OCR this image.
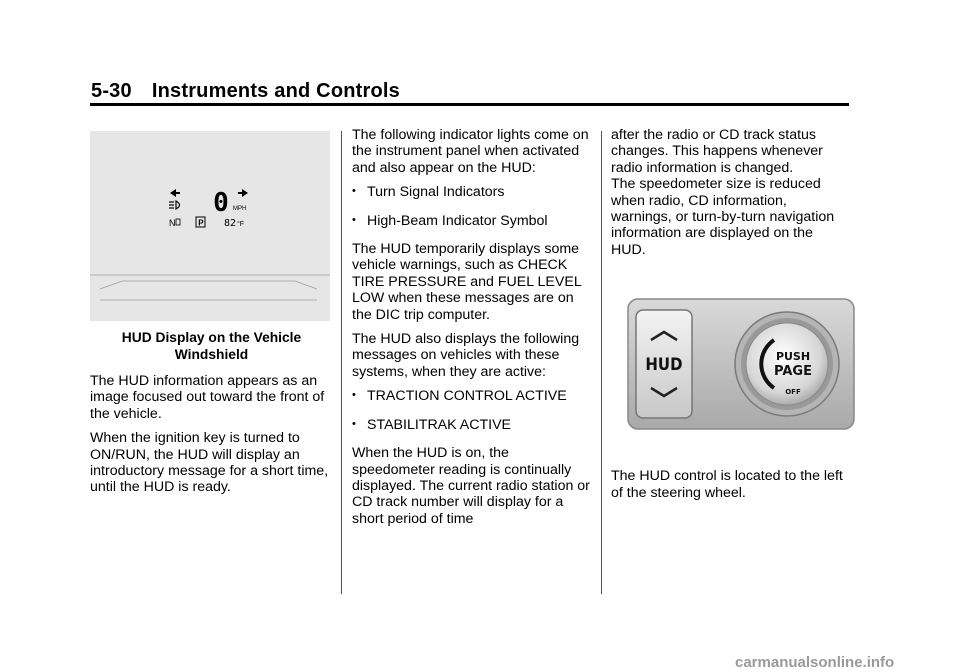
5-30 Instruments and Controls
0 MPH
N	P 82 °F
HUD Display on the Vehicle Windshield

The HUD information appears as an image focused out toward the front of the vehicle.

When the ignition key is turned to ON/RUN, the HUD will display an introductory message for a short time, until the HUD is ready.

The following indicator lights come on the instrument panel when activated and also appear on the HUD:

• Turn Signal Indicators
• High-Beam Indicator Symbol

The HUD temporarily displays some vehicle warnings, such as CHECK TIRE PRESSURE and FUEL LEVEL LOW when these messages are on the DIC trip computer.

The HUD also displays the following messages on vehicles with these systems, when they are active:

• TRACTION CONTROL ACTIVE
• STABILITRAK ACTIVE

When the HUD is on, the speedometer reading is continually displayed. The current radio station or CD track number will display for a short period of time

after the radio or CD track status changes. This happens whenever radio information is changed.

The speedometer size is reduced when radio, CD information, warnings, or turn-by-turn navigation information are displayed on the HUD.

HUD	PUSH
PAGE
OFF

The HUD control is located to the left of the steering wheel.

carmanualsonline.info
